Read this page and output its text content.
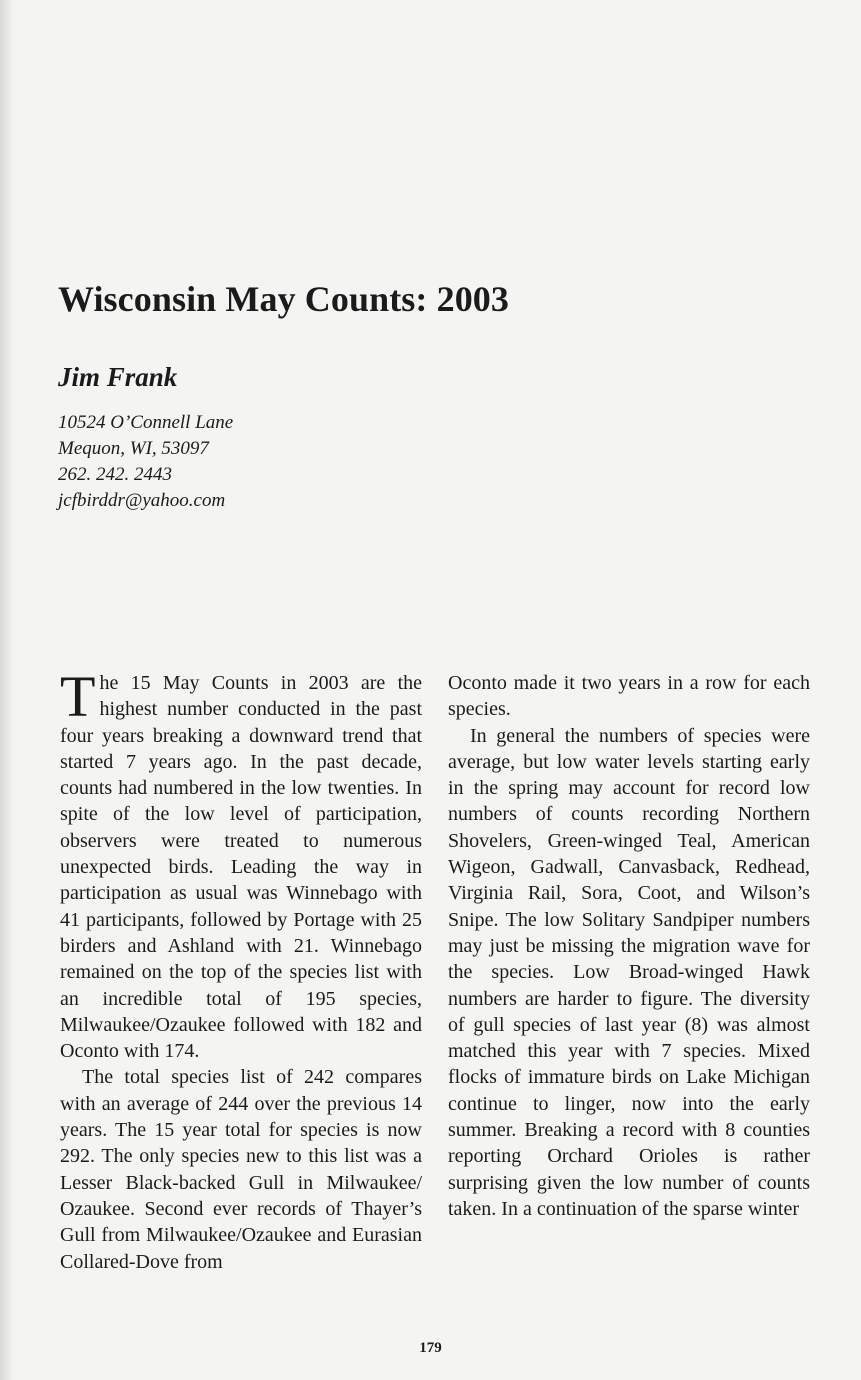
Wisconsin May Counts: 2003
Jim Frank
10524 O’Connell Lane
Mequon, WI, 53097
262. 242. 2443
jcfbirddr@yahoo.com

The 15 May Counts in 2003 are the highest number conducted in the past four years breaking a downward trend that started 7 years ago. In the past decade, counts had numbered in the low twenties. In spite of the low level of participation, observers were treated to numerous unexpected birds. Leading the way in participation as usual was Winnebago with 41 participants, followed by Portage with 25 birders and Ashland with 21. Winnebago remained on the top of the species list with an incredible total of 195 species, Milwaukee/Ozaukee followed with 182 and Oconto with 174.

The total species list of 242 compares with an average of 244 over the previous 14 years. The 15 year total for species is now 292. The only species new to this list was a Lesser Black-backed Gull in Milwaukee/ Ozaukee. Second ever records of Thayer’s Gull from Milwaukee/Ozaukee and Eurasian Collared-Dove from

Oconto made it two years in a row for each species.

In general the numbers of species were average, but low water levels starting early in the spring may account for record low numbers of counts recording Northern Shovelers, Green-winged Teal, American Wigeon, Gadwall, Canvasback, Redhead, Virginia Rail, Sora, Coot, and Wilson’s Snipe. The low Solitary Sandpiper numbers may just be missing the migration wave for the species. Low Broad-winged Hawk numbers are harder to figure. The diversity of gull species of last year (8) was almost matched this year with 7 species. Mixed flocks of immature birds on Lake Michigan continue to linger, now into the early summer. Breaking a record with 8 counties reporting Orchard Orioles is rather surprising given the low number of counts taken. In a continuation of the sparse winter

179
